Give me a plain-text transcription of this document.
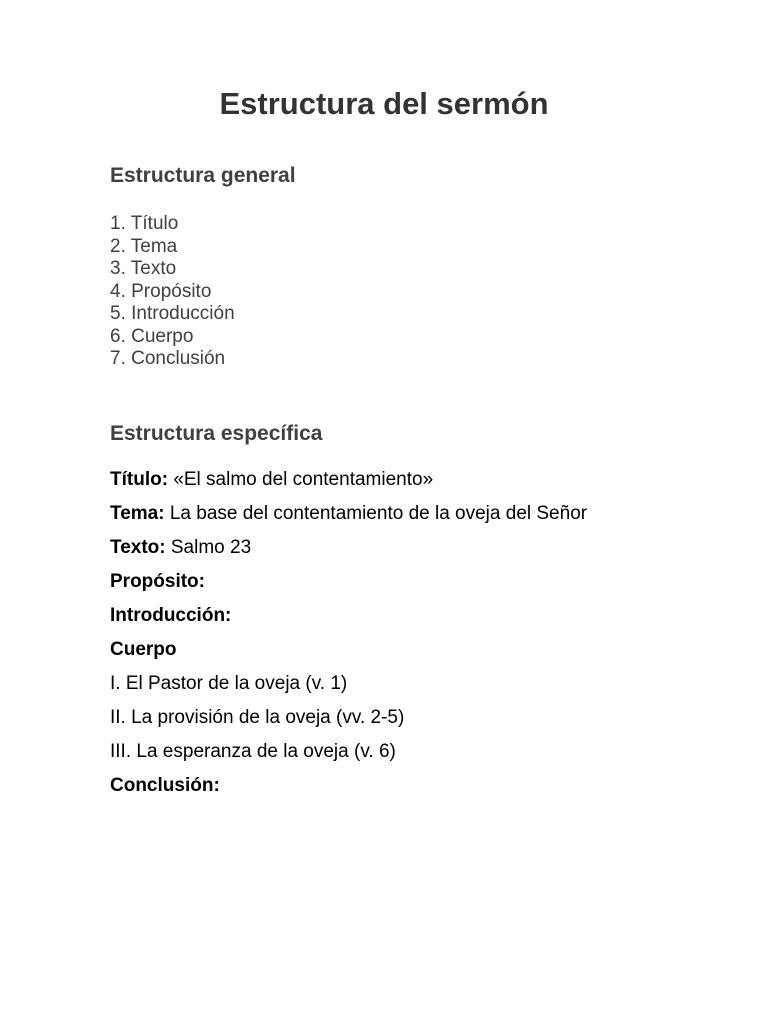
Estructura del sermón
Estructura general
1. Título
2. Tema
3. Texto
4. Propósito
5. Introducción
6. Cuerpo
7. Conclusión
Estructura específica
Título: «El salmo del contentamiento»
Tema: La base del contentamiento de la oveja del Señor
Texto: Salmo 23
Propósito:
Introducción:
Cuerpo
I. El Pastor de la oveja (v. 1)
II. La provisión de la oveja (vv. 2-5)
III. La esperanza de la oveja (v. 6)
Conclusión:
